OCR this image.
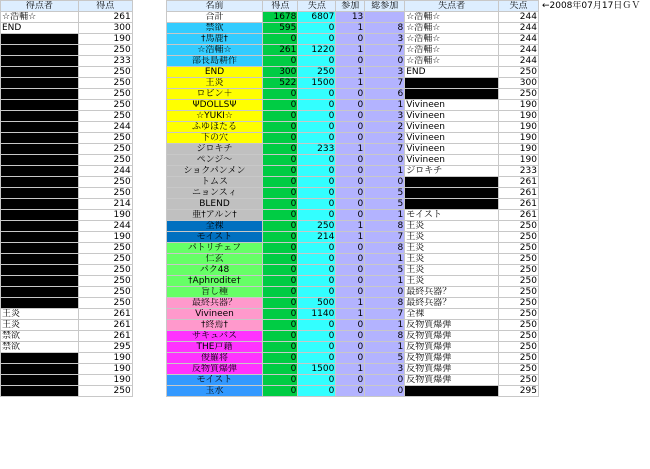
得点者	得点		名前	得点	失点	参加	総参加	失点者	失点	←2008年07月17日ＧＶ
☆浩輔☆	261		合計	1678	6807	13		☆浩輔☆	244	
END	300		禁欲	595	0	1	8	☆浩輔☆	244	
	190		†馬鹿†	0	0	0	3	☆浩輔☆	244	
	250		☆浩輔☆	261	1220	1	7	☆浩輔☆	244	
	233		部長島耕作	0	0	0	0	☆浩輔☆	244	
	250		END	300	250	1	3	END	250	
	250		王炎	522	1500	1	7		300	
	250		ロビン＋	0	0	0	6		250	
	250		ΨDOLLSΨ	0	0	0	1	Vivineen	190	
	250		☆YUKI☆	0	0	0	3	Vivineen	190	
	244		ふゆほたる	0	0	0	2	Vivineen	190	
	250		下の穴	0	0	0	2	Vivineen	190	
	250		ジロキチ	0	233	1	7	Vivineen	190	
	250		ペンジ～	0	0	0	0	Vivineen	190	
	244		ショクパンメン	0	0	0	1	ジロキチ	233	
	250		トムス	0	0	0	0		261	
	250		ニョンスィ	0	0	0	5		261	
	214		BLEND	0	0	0	5		261	
	190		亜†アルン†	0	0	0	1	モイスト	261	
	244		全裸	0	250	1	8	王炎	250	
	190		モイスト	0	214	1	7	王炎	250	
	250		パトリチェフ	0	0	0	8	王炎	250	
	250		仁玄	0	0	0	1	王炎	250	
	250		パク48	0	0	0	5	王炎	250	
	250		†Aphrodite†	0	0	0	1	王炎	250	
	250		旨し種	0	0	0	0	最終兵器？	250	
	250		最終兵器？	0	500	1	8	最終兵器？	250	
王炎	261		Vivineen	0	1140	1	7	全裸	250	
王炎	261		†終焉†	0	0	0	1	反物質爆弾	250	
禁欲	261		サキュバス	0	0	0	8	反物質爆弾	250	
禁欲	295		THE戸籍	0	0	0	1	反物質爆弾	250	
	190		俊羅将	0	0	0	5	反物質爆弾	250	
	190		反物質爆弾	0	1500	1	3	反物質爆弾	250	
	190		モイスト	0	0	0	0	反物質爆弾	250	
	250		玉水	0	0	0	0		295	
